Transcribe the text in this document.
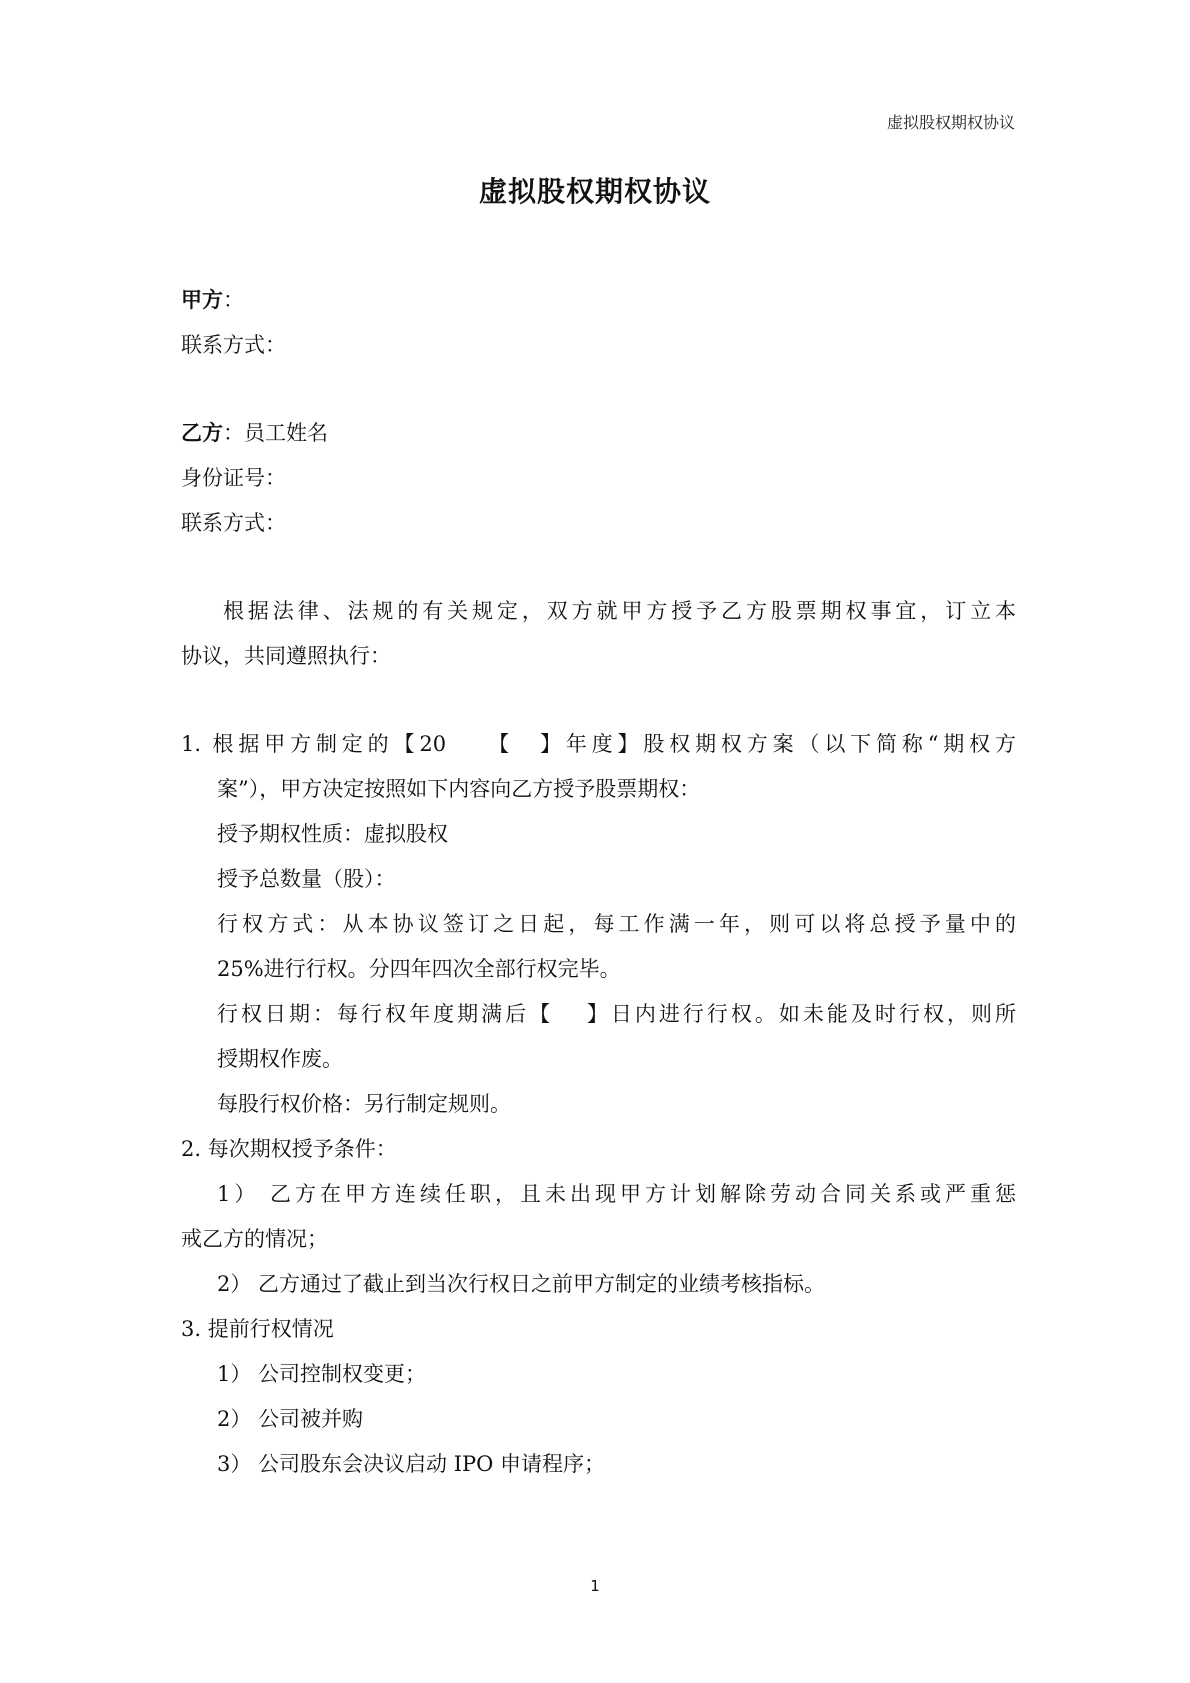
虚拟股权期权协议
虚拟股权期权协议
甲方：
联系方式：
乙方：员工姓名
身份证号：
联系方式：
根据法律、法规的有关规定，双方就甲方授予乙方股票期权事宜，订立本
协议，共同遵照执行：
1. 根据甲方制定的【20　 【　】年度】股权期权方案（以下简称“期权方
案”），甲方决定按照如下内容向乙方授予股票期权：
授予期权性质：虚拟股权
授予总数量（股）：
行权方式：从本协议签订之日起，每工作满一年，则可以将总授予量中的
25%进行行权。分四年四次全部行权完毕。
行权日期：每行权年度期满后【　 】日内进行行权。如未能及时行权，则所
授期权作废。
每股行权价格：另行制定规则。
2. 每次期权授予条件：
1） 乙方在甲方连续任职，且未出现甲方计划解除劳动合同关系或严重惩
戒乙方的情况；
2） 乙方通过了截止到当次行权日之前甲方制定的业绩考核指标。
3. 提前行权情况
1） 公司控制权变更；
2） 公司被并购
3） 公司股东会决议启动 IPO 申请程序；
1
